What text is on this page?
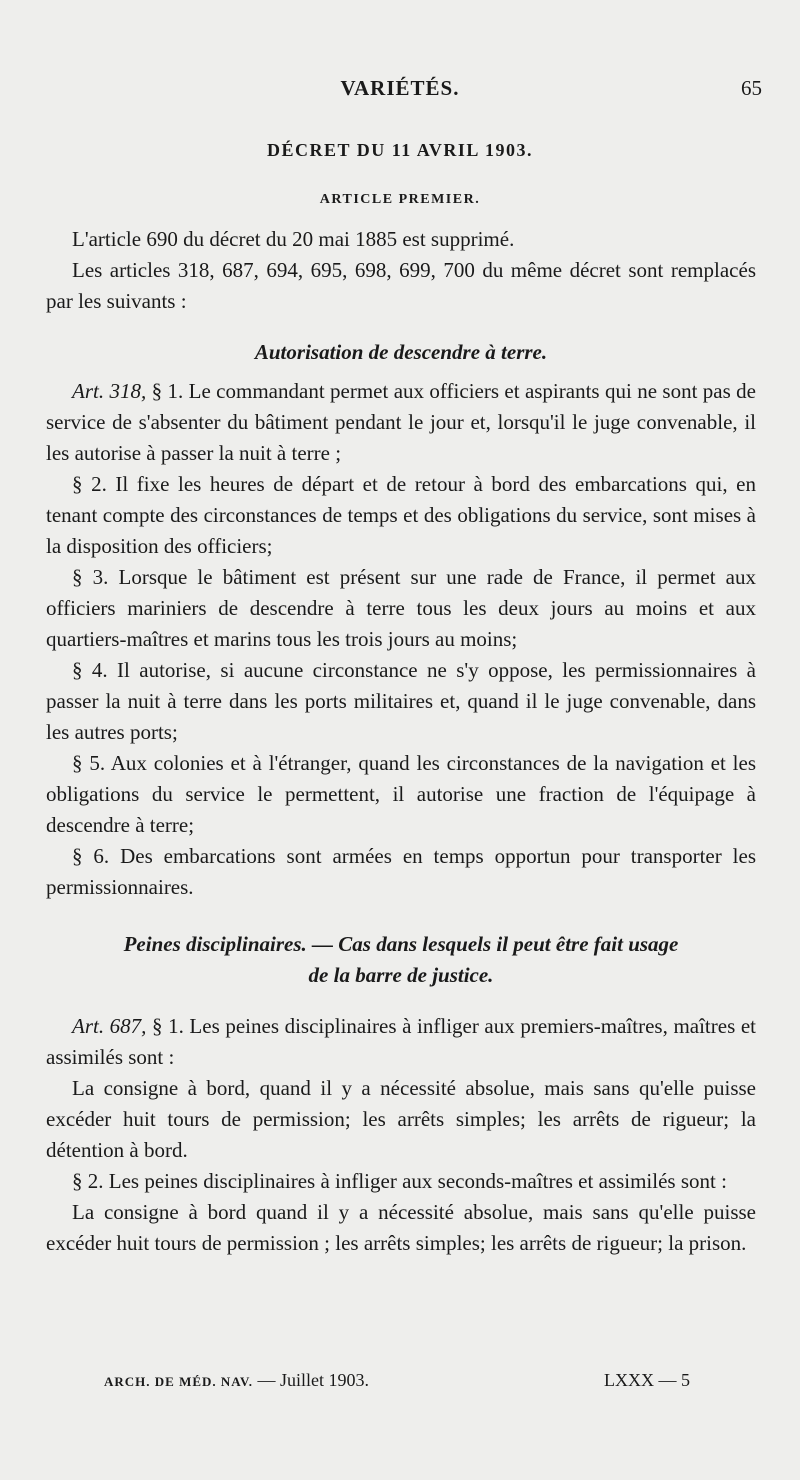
VARIÉTÉS.	65
DÉCRET DU 11 AVRIL 1903.
ARTICLE PREMIER.

L'article 690 du décret du 20 mai 1885 est supprimé.

Les articles 318, 687, 694, 695, 698, 699, 700 du même décret sont remplacés par les suivants :

Autorisation de descendre à terre.

Art. 318, § 1. Le commandant permet aux officiers et aspirants qui ne sont pas de service de s'absenter du bâtiment pendant le jour et, lorsqu'il le juge convenable, il les autorise à passer la nuit à terre ;

§ 2. Il fixe les heures de départ et de retour à bord des embarcations qui, en tenant compte des circonstances de temps et des obligations du service, sont mises à la disposition des officiers;

§ 3. Lorsque le bâtiment est présent sur une rade de France, il permet aux officiers mariniers de descendre à terre tous les deux jours au moins et aux quartiers-maîtres et marins tous les trois jours au moins;

§ 4. Il autorise, si aucune circonstance ne s'y oppose, les permissionnaires à passer la nuit à terre dans les ports militaires et, quand il le juge convenable, dans les autres ports;

§ 5. Aux colonies et à l'étranger, quand les circonstances de la navigation et les obligations du service le permettent, il autorise une fraction de l'équipage à descendre à terre;

§ 6. Des embarcations sont armées en temps opportun pour transporter les permissionnaires.

Peines disciplinaires. — Cas dans lesquels il peut être fait usage

de la barre de justice.

Art. 687, § 1. Les peines disciplinaires à infliger aux premiers-maîtres, maîtres et assimilés sont :

La consigne à bord, quand il y a nécessité absolue, mais sans qu'elle puisse excéder huit tours de permission; les arrêts simples; les arrêts de rigueur; la détention à bord.

§ 2. Les peines disciplinaires à infliger aux seconds-maîtres et assimilés sont :

La consigne à bord quand il y a nécessité absolue, mais sans qu'elle puisse excéder huit tours de permission ; les arrêts simples; les arrêts de rigueur; la prison.

ARCH. DE MÉD. NAV. — Juillet 1903.	LXXX — 5
